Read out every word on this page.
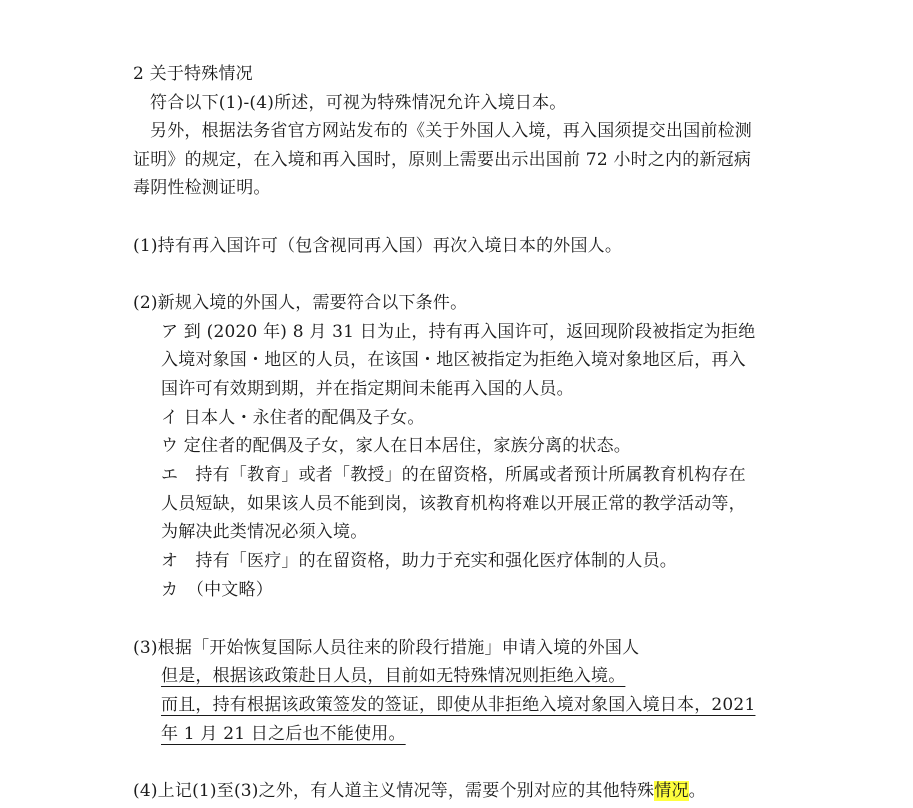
2 关于特殊情况
符合以下(1)-(4)所述，可视为特殊情况允许入境日本。
另外，根据法务省官方网站发布的《关于外国人入境，再入国须提交出国前检测
证明》的规定，在入境和再入国时，原则上需要出示出国前 72 小时之内的新冠病
毒阴性检测证明。
(1)持有再入国许可（包含视同再入国）再次入境日本的外国人。
(2)新规入境的外国人，需要符合以下条件。
ア 到 (2020 年) 8 月 31 日为止，持有再入国许可，返回现阶段被指定为拒绝
入境对象国・地区的人员，在该国・地区被指定为拒绝入境对象地区后，再入
国许可有效期到期，并在指定期间未能再入国的人员。
イ 日本人・永住者的配偶及子女。
ウ 定住者的配偶及子女，家人在日本居住，家族分离的状态。
エ　持有「教育」或者「教授」的在留资格，所属或者预计所属教育机构存在
人员短缺，如果该人员不能到岗，该教育机构将难以开展正常的教学活动等，
为解决此类情况必须入境。
オ　持有「医疗」的在留资格，助力于充实和强化医疗体制的人员。
カ　（中文略）
(3)根据「开始恢复国际人员往来的阶段行措施」申请入境的外国人
但是，根据该政策赴日人员，目前如无特殊情况则拒绝入境。
而且，持有根据该政策签发的签证，即使从非拒绝入境对象国入境日本，2021
年 1 月 21 日之后也不能使用。
(4)上记(1)至(3)之外，有人道主义情况等，需要个别对应的其他特殊情况。
